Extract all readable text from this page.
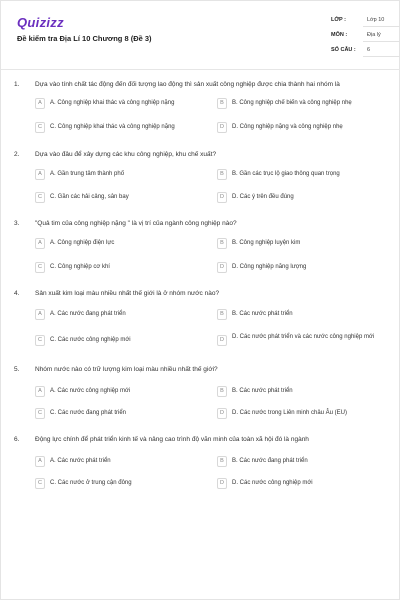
Quizizz
Đề kiểm tra Địa Lí 10 Chương 8 (Đề 3)
LỚP :	Lớp 10
MÔN :	Địa lý
SỐ CÂU : 6
1. Dựa vào tính chất tác động đến đối tượng lao động thì sản xuất công nghiệp được chia thành hai nhóm là
A	A. Công nghiệp khai thác và công nghiệp nặng	B	B. Công nghiệp chế biến và công nghiệp nhẹ
C	C. Công nghiệp khai thác và công nghiệp nặng	D	D. Công nghiệp nặng và công nghiệp nhẹ
2. Dựa vào đâu để xây dựng các khu công nghiệp, khu chế xuất?
A	A. Gần trung tâm thành phố	B	B. Gần các trục lộ giao thông quan trọng
C	C. Gần các hải cảng, sân bay	D	D. Các ý trên đều đúng
3. "Quả tim của công nghiệp nặng " là vị trí của ngành công nghiệp nào?
A	A. Công nghiệp điện lực	B	B. Công nghiệp luyện kim
C	C. Công nghiệp cơ khí	D	D. Công nghiệp năng lượng
4. Sản xuất kim loại màu nhiều nhất thế giới là ở nhóm nước nào?
A	A. Các nước đang phát triển	B	B. Các nước phát triển
C	C. Các nước công nghiệp mới	D	D. Các nước phát triển và các nước công nghiệp mới
5. Nhóm nước nào có trữ lượng kim loại màu nhiều nhất thế giới?
A	A. Các nước công nghiệp mới	B	B. Các nước phát triển
C	C. Các nước đang phát triển	D	D. Các nước trong Liên minh châu Âu (EU)
6. Động lực chính để phát triển kinh tế và nâng cao trình độ văn minh của toàn xã hội đó là ngành
A	A. Các nước phát triển	B	B. Các nước đang phát triển
C	C. Các nước ở trung cận đông	D	D. Các nước công nghiệp mới
